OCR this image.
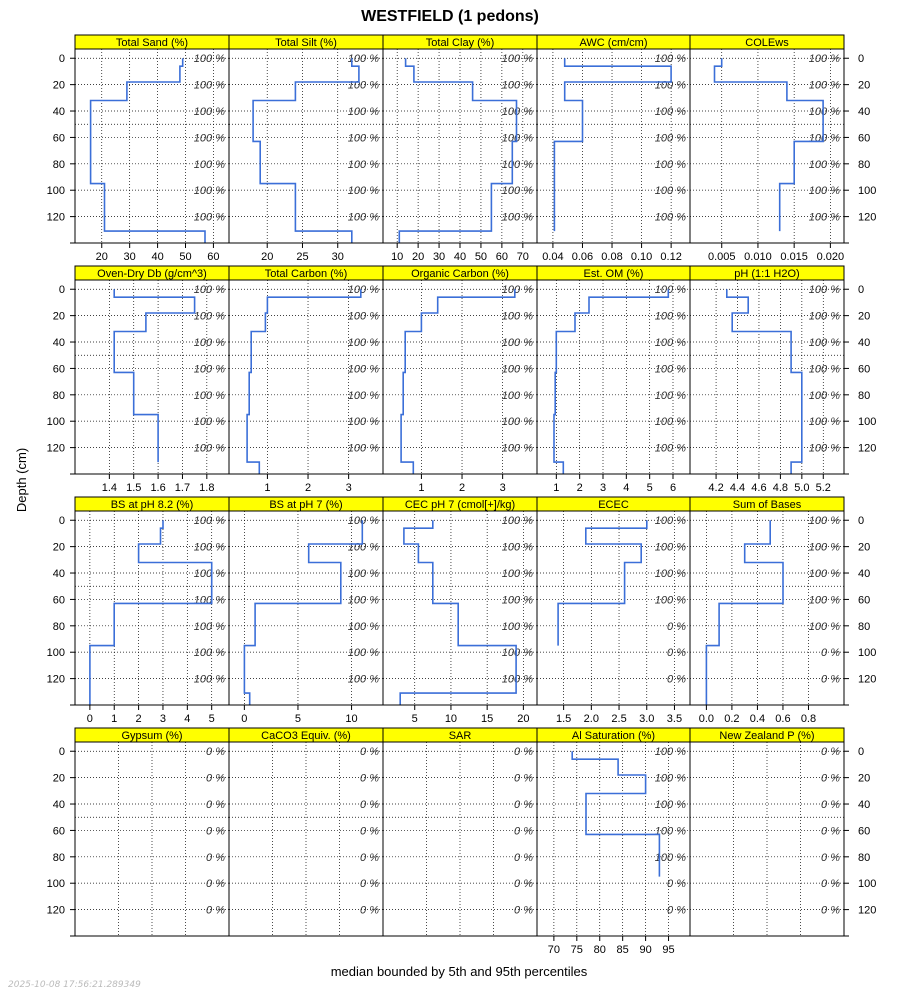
WESTFIELD (1 pedons)
Depth (cm)
median bounded by 5th and 95th percentiles
Total Sand (%)
100 %
100 %
100 %
100 %
100 %
100 %
100 %
20 30 40 50 60
0
20
40
60
80
100
120
Total Silt (%)
100 %
100 %
100 %
100 %
100 %
100 %
100 %
20 25 30
Total Clay (%)
100 %
100 %
100 %
100 %
100 %
100 %
100 %
10 20 30 40 50 60 70
AWC (cm/cm)
100 %
100 %
100 %
100 %
100 %
100 %
100 %
0.04 0.06 0.08 0.10 0.12
COLEws
100 %
100 %
100 %
100 %
100 %
100 %
100 %
0.005 0.010 0.015 0.020
0
20
40
60
80
100
120
Oven-Dry Db (g/cm^3)
100 %
100 %
100 %
100 %
100 %
100 %
100 %
1.4 1.5 1.6 1.7 1.8
0
20
40
60
80
100
120
Total Carbon (%)
100 %
100 %
100 %
100 %
100 %
100 %
100 %
1	2	3
Organic Carbon (%)
100 %
100 %
100 %
100 %
100 %
100 %
100 %
1	2	3
Est. OM (%)
100 %
100 %
100 %
100 %
100 %
100 %
100 %
1 2 3 4 5 6
pH (1:1 H2O)
100 %
100 %
100 %
100 %
100 %
100 %
100 %
4.2 4.4 4.6 4.8 5.0 5.2
0
20
40
60
80
100
120
BS at pH 8.2 (%)
100 %
100 %
100 %
100 %
100 %
100 %
100 %
0 1 2 3 4 5
0
20
40
60
80
100
120
BS at pH 7 (%)
100 %
100 %
100 %
100 %
100 %
100 %
100 %
0	5	10
CEC pH 7 (cmol[+]/kg)
100 %
100 %
100 %
100 %
100 %
100 %
100 %
5 10 15 20
ECEC
100 %
100 %
100 %
100 %
0 %
0 %
0 %
1.5 2.0 2.5 3.0 3.5
Sum of Bases
100 %
100 %
100 %
100 %
100 %
0 %
0 %
0.0 0.2 0.4 0.6 0.8
0
20
40
60
80
100
120
Gypsum (%)
0 %
0 %
0 %
0 %
0 %
0 %
0 %
0
20
40
60
80
100
120
CaCO3 Equiv. (%)
0 %
0 %
0 %
0 %
0 %
0 %
0 %
SAR
0 %
0 %
0 %
0 %
0 %
0 %
0 %
Al Saturation (%)
100 %
100 %
100 %
100 %
100 %
0 %
0 %
70 75 80 85 90 95
New Zealand P (%)
0 %
0 %
0 %
0 %
0 %
0 %
0 %
0
20
40
60
80
100
120
2025-10-08 17:56:21.289349
